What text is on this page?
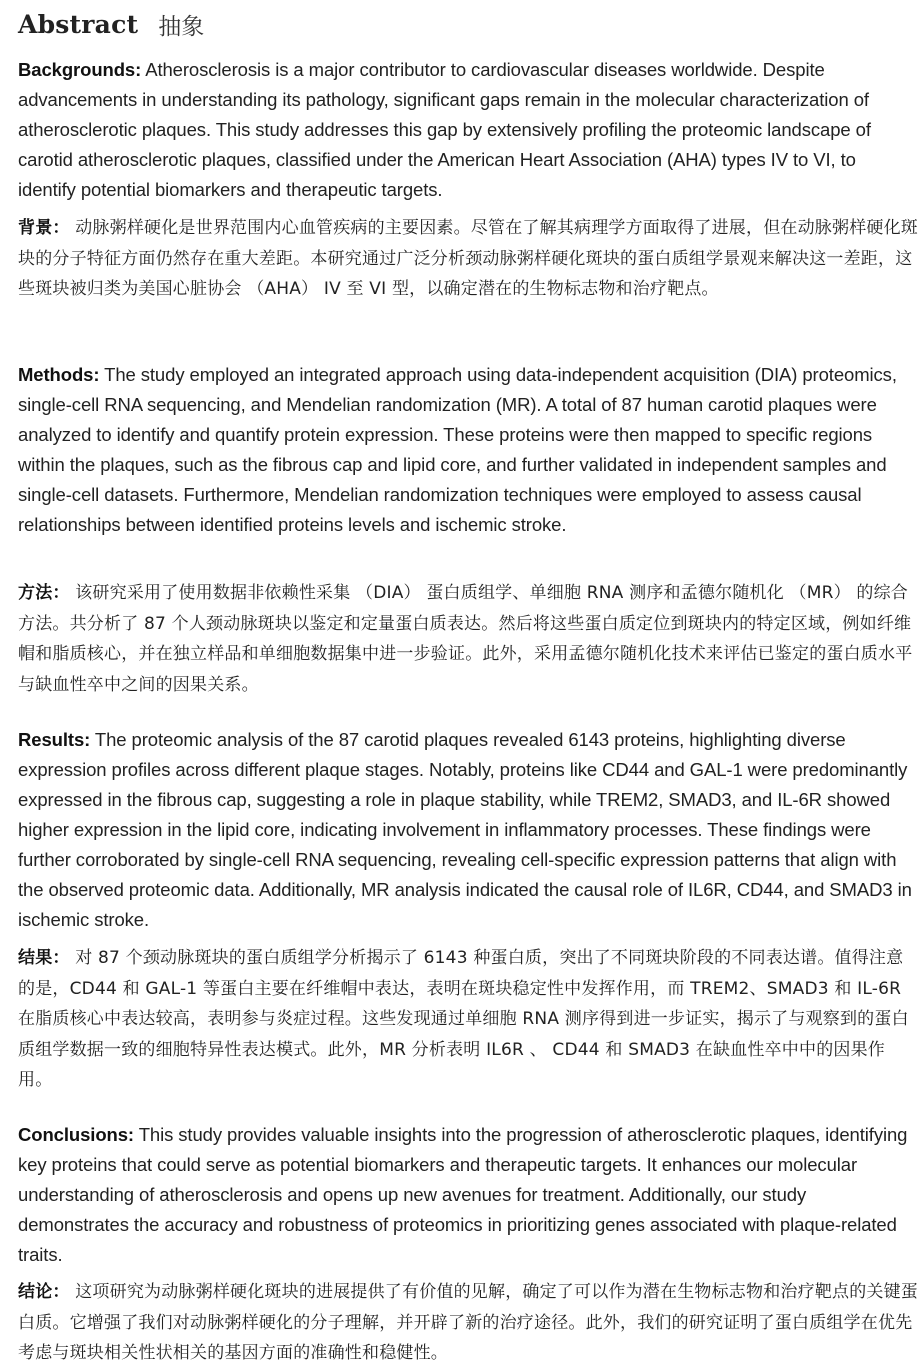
Abstract 抽象

Backgrounds: Atherosclerosis is a major contributor to cardiovascular diseases worldwide. Despite advancements in understanding its pathology, significant gaps remain in the molecular characterization of atherosclerotic plaques. This study addresses this gap by extensively profiling the proteomic landscape of carotid atherosclerotic plaques, classified under the American Heart Association (AHA) types IV to VI, to identify potential biomarkers and therapeutic targets.

背景： 动脉粥样硬化是世界范围内心血管疾病的主要因素。尽管在了解其病理学方面取得了进展，但在动脉粥样硬化斑块的分子特征方面仍然存在重大差距。本研究通过广泛分析颈动脉粥样硬化斑块的蛋白质组学景观来解决这一差距，这些斑块被归类为美国心脏协会 （AHA） IV 至 VI 型，以确定潜在的生物标志物和治疗靶点。

Methods: The study employed an integrated approach using data-independent acquisition (DIA) proteomics, single-cell RNA sequencing, and Mendelian randomization (MR). A total of 87 human carotid plaques were analyzed to identify and quantify protein expression. These proteins were then mapped to specific regions within the plaques, such as the fibrous cap and lipid core, and further validated in independent samples and single-cell datasets. Furthermore, Mendelian randomization techniques were employed to assess causal relationships between identified proteins levels and ischemic stroke.

方法： 该研究采用了使用数据非依赖性采集 （DIA） 蛋白质组学、单细胞 RNA 测序和孟德尔随机化 （MR） 的综合方法。共分析了 87 个人颈动脉斑块以鉴定和定量蛋白质表达。然后将这些蛋白质定位到斑块内的特定区域，例如纤维帽和脂质核心，并在独立样品和单细胞数据集中进一步验证。此外，采用孟德尔随机化技术来评估已鉴定的蛋白质水平与缺血性卒中之间的因果关系。

Results: The proteomic analysis of the 87 carotid plaques revealed 6143 proteins, highlighting diverse expression profiles across different plaque stages. Notably, proteins like CD44 and GAL-1 were predominantly expressed in the fibrous cap, suggesting a role in plaque stability, while TREM2, SMAD3, and IL-6R showed higher expression in the lipid core, indicating involvement in inflammatory processes. These findings were further corroborated by single-cell RNA sequencing, revealing cell-specific expression patterns that align with the observed proteomic data. Additionally, MR analysis indicated the causal role of IL6R, CD44, and SMAD3 in ischemic stroke.

结果： 对 87 个颈动脉斑块的蛋白质组学分析揭示了 6143 种蛋白质，突出了不同斑块阶段的不同表达谱。值得注意的是，CD44 和 GAL-1 等蛋白主要在纤维帽中表达，表明在斑块稳定性中发挥作用，而 TREM2、SMAD3 和 IL-6R 在脂质核心中表达较高，表明参与炎症过程。这些发现通过单细胞 RNA 测序得到进一步证实，揭示了与观察到的蛋白质组学数据一致的细胞特异性表达模式。此外，MR 分析表明 IL6R 、 CD44 和 SMAD3 在缺血性卒中中的因果作用。

Conclusions: This study provides valuable insights into the progression of atherosclerotic plaques, identifying key proteins that could serve as potential biomarkers and therapeutic targets. It enhances our molecular understanding of atherosclerosis and opens up new avenues for treatment. Additionally, our study demonstrates the accuracy and robustness of proteomics in prioritizing genes associated with plaque-related traits.

结论： 这项研究为动脉粥样硬化斑块的进展提供了有价值的见解，确定了可以作为潜在生物标志物和治疗靶点的关键蛋白质。它增强了我们对动脉粥样硬化的分子理解，并开辟了新的治疗途径。此外，我们的研究证明了蛋白质组学在优先考虑与斑块相关性状相关的基因方面的准确性和稳健性。
